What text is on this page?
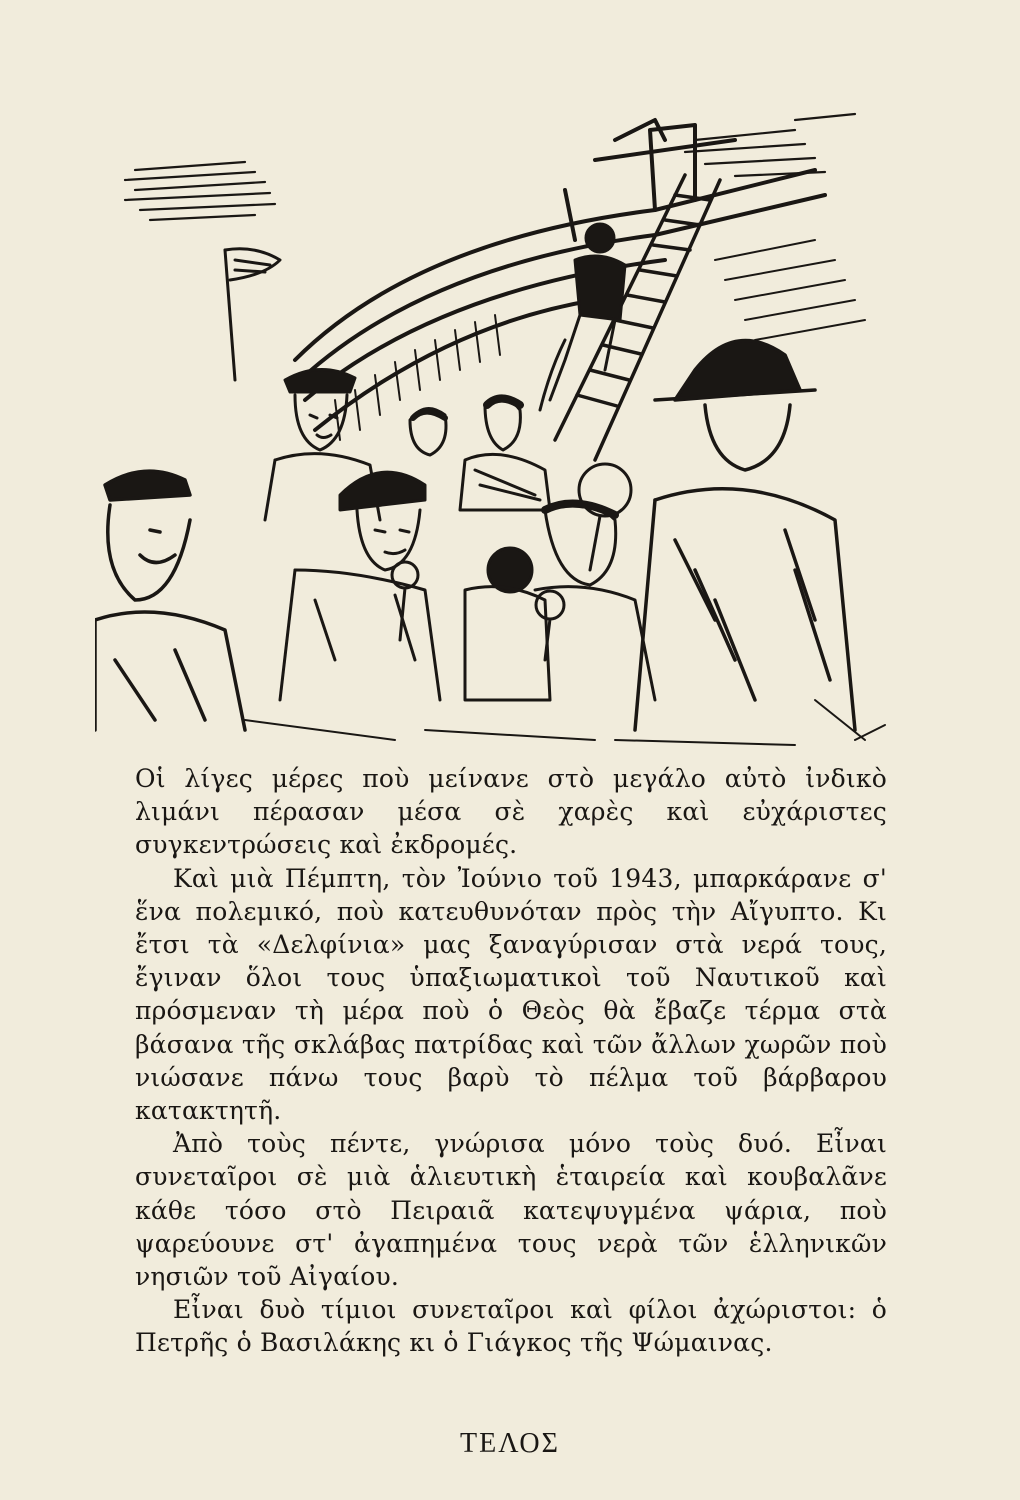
Οἱ λίγες μέρες ποὺ μείνανε στὸ μεγάλο αὐτὸ ἰνδικὸ λιμάνι πέρασαν μέσα σὲ χαρὲς καὶ εὐχάριστες συγκεντρώσεις καὶ ἐκδρομές.

Καὶ μιὰ Πέμπτη, τὸν Ἰούνιο τοῦ 1943, μπαρκάρανε σ' ἕνα πολεμικό, ποὺ κατευθυνόταν πρὸς τὴν Αἴγυπτο. Κι ἔτσι τὰ «Δελφίνια» μας ξαναγύρισαν στὰ νερά τους, ἔγιναν ὅλοι τους ὑπαξιωματικοὶ τοῦ Ναυτικοῦ καὶ πρόσμεναν τὴ μέρα ποὺ ὁ Θεὸς θὰ ἔβαζε τέρμα στὰ βάσανα τῆς σκλάβας πατρίδας καὶ τῶν ἄλλων χωρῶν ποὺ νιώσανε πάνω τους βαρὺ τὸ πέλμα τοῦ βάρβαρου κατακτητῆ.

Ἀπὸ τοὺς πέντε, γνώρισα μόνο τοὺς δυό. Εἶναι συνεταῖροι σὲ μιὰ ἁλιευτικὴ ἑταιρεία καὶ κουβαλᾶνε κάθε τόσο στὸ Πειραιᾶ κατεψυγμένα ψάρια, ποὺ ψαρεύουνε στ' ἀγαπημένα τους νερὰ τῶν ἑλληνικῶν νησιῶν τοῦ Αἰγαίου.

Εἶναι δυὸ τίμιοι συνεταῖροι καὶ φίλοι ἀχώριστοι: ὁ Πετρῆς ὁ Βασιλάκης κι ὁ Γιάγκος τῆς Ψώμαινας.

ΤΕΛΟΣ
